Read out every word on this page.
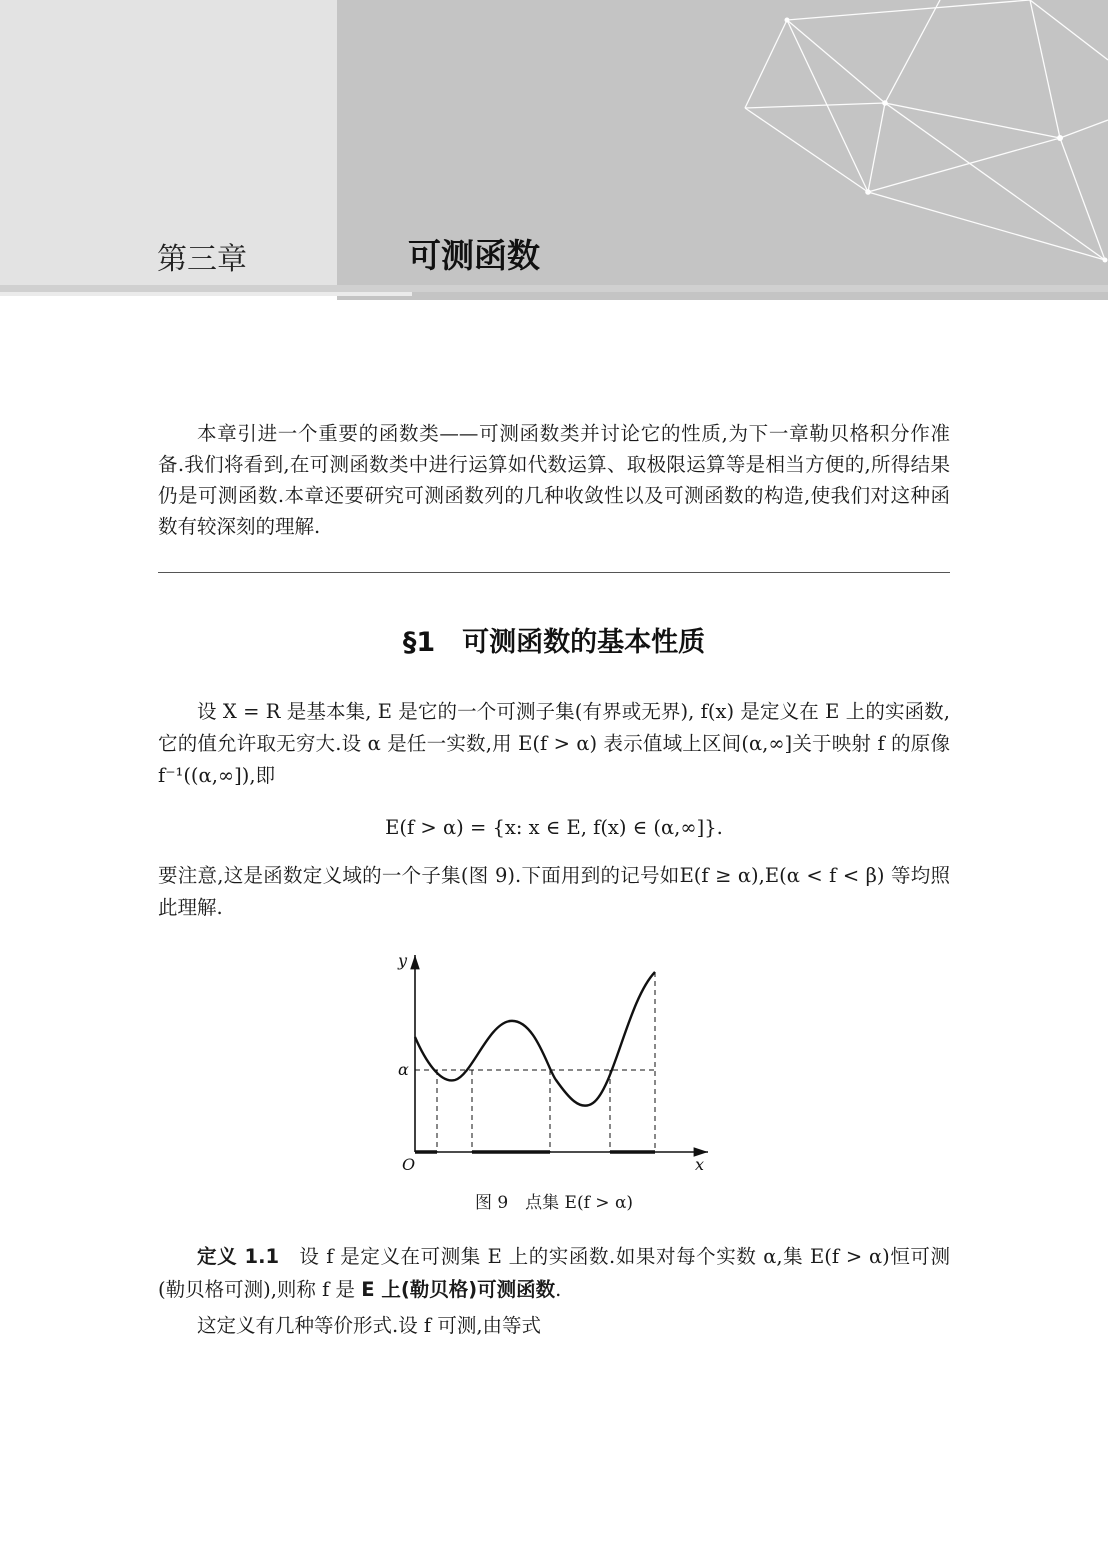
第三章	可测函数

本章引进一个重要的函数类——可测函数类并讨论它的性质,为下一章勒贝格积分作准备.我们将看到,在可测函数类中进行运算如代数运算、取极限运算等是相当方便的,所得结果仍是可测函数.本章还要研究可测函数列的几种收敛性以及可测函数的构造,使我们对这种函数有较深刻的理解.

§1　可测函数的基本性质

设 X = R 是基本集, E 是它的一个可测子集(有界或无界), f(x) 是定义在 E 上的实函数,它的值允许取无穷大.设 α 是任一实数,用 E(f > α) 表示值域上区间(α,∞]关于映射 f 的原像 f⁻¹((α,∞]),即

E(f > α) = {x: x ∈ E, f(x) ∈ (α,∞]}.

要注意,这是函数定义域的一个子集(图 9).下面用到的记号如E(f ≥ α),E(α < f < β) 等均照此理解.

y
x
O
α
图 9　点集 E(f > α)

定义 1.1 设 f 是定义在可测集 E 上的实函数.如果对每个实数 α,集 E(f > α)恒可测(勒贝格可测),则称 f 是 E 上(勒贝格)可测函数.

这定义有几种等价形式.设 f 可测,由等式
